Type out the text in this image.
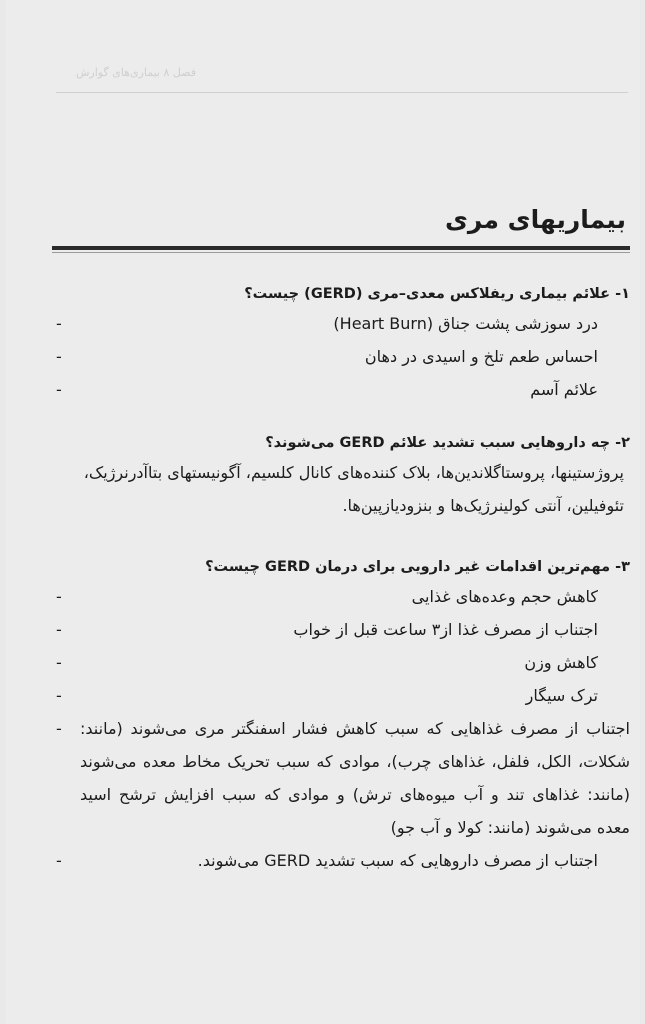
فصل ۸ بیماری‌های گوارش
بیماریهای مری
۱- علائم بیماری ریفلاکس معدی–مری (GERD) چیست؟
درد سوزشی پشت جناق (Heart Burn)
-
احساس طعم تلخ و اسیدی در دهان
-
علائم آسم
-
۲- چه داروهایی سبب تشدید علائم GERD می‌شوند؟
پروژستینها، پروستاگلاندین‌ها، بلاک کننده‌های کانال کلسیم، آگونیستهای بتاآدرنرژیک، تئوفیلین، آنتی کولینرژیک‌ها و بنزودیازپین‌ها.
۳- مهم‌ترین اقدامات غیر دارویی برای درمان GERD چیست؟
کاهش حجم وعده‌های غذایی
-
اجتناب از مصرف غذا از۳ ساعت قبل از خواب
-
کاهش وزن
-
ترک سیگار
-
اجتناب از مصرف غذاهایی که سبب کاهش فشار اسفنگتر مری می‌شوند (مانند: شکلات، الکل، فلفل، غذاهای چرب)، موادی که سبب تحریک مخاط معده می‌شوند (مانند: غذاهای تند و آب میوه‌های ترش) و موادی که سبب افزایش ترشح اسید معده می‌شوند (مانند: کولا و آب جو)
-
اجتناب از مصرف داروهایی که سبب تشدید GERD می‌شوند.
-
